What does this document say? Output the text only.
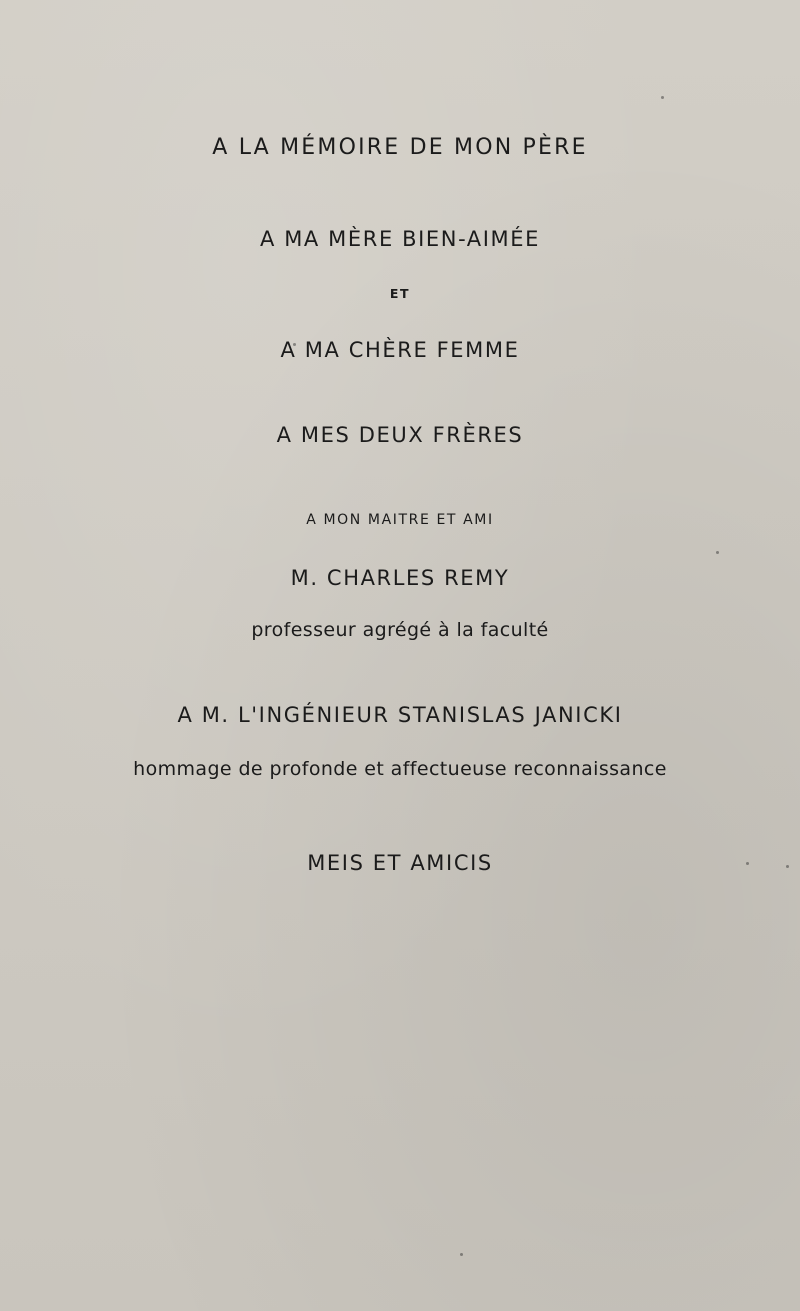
A LA MÉMOIRE DE MON PÈRE
A MA MÈRE BIEN-AIMÉE
ET
A MA CHÈRE FEMME
A MES DEUX FRÈRES
A MON MAITRE ET AMI
M. CHARLES REMY
professeur agrégé à la faculté
A M. L'INGÉNIEUR STANISLAS JANICKI
hommage de profonde et affectueuse reconnaissance
MEIS ET AMICIS
